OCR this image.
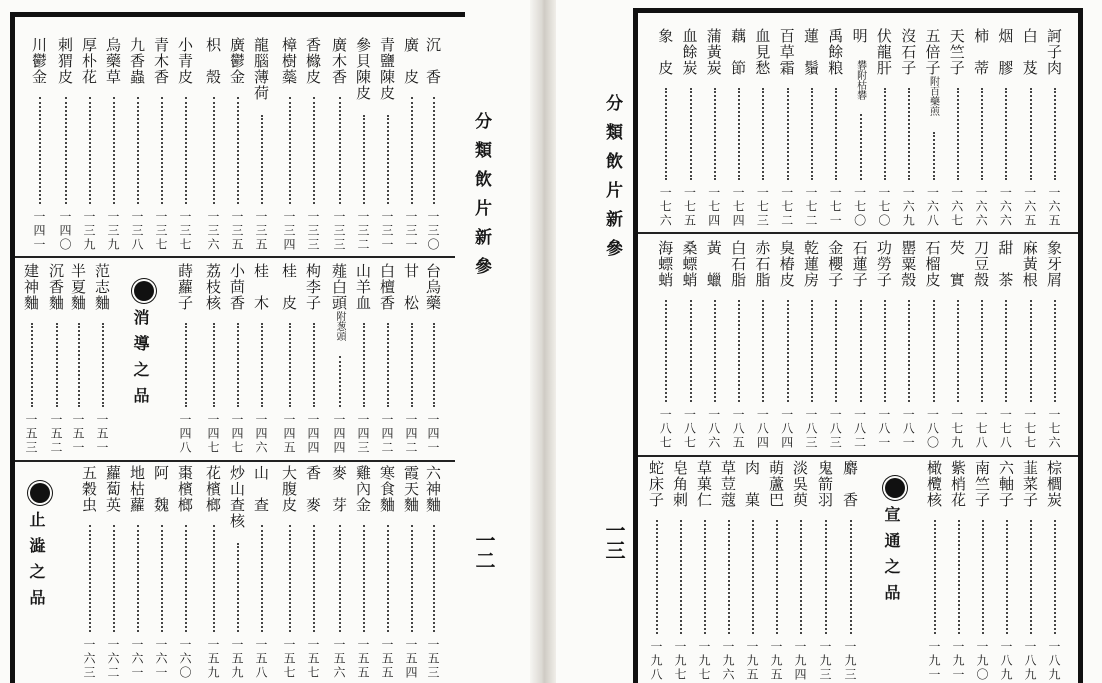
分類飲片新參	分類飲片新參
一二	一三
沉　香
一三〇
廣　皮
一三一
青鹽陳皮
一三一
參貝陳皮
一三二
廣木香
一三三
香櫞皮
一三三
樟樹蘂
一三四
龍腦薄荷
一三五
廣鬱金
一三五
枳　殼
一三六
小青皮
一三七
青木香
一三七
九香蟲
一三八
烏藥草
一三九
厚朴花
一三九
刺猬皮
一四〇
川鬱金
一四一
台烏藥
一四一
甘　松
一四二
白檀香
一四二
山羊血
一四三
薤白頭附葱頭
一四四
枸李子
一四四
桂　皮
一四五
桂　木
一四六
小茴香
一四七
荔枝核
一四七
蒔蘿子
一四八
消導之品
范志麯
一五一
半夏麯
一五一
沉香麯
一五二
建神麯
一五三
六神麯
一五三
霞天麯
一五四
寒食麯
一五五
雞內金
一五五
麥　芽
一五六
香　麥
一五七
大腹皮
一五七
山　查
一五八
炒山查核
一五九
花檳榔
一五九
棗檳榔
一六〇
阿　魏
一六一
地枯蘿
一六一
蘿蔔英
一六二
五穀虫
一六三
止澁之品
訶子肉
一六五
白　芨
一六五
烟　膠
一六六
柿　蒂
一六六
天竺子
一六七
五倍子附百藥煎
一六八
沒石子
一六九
伏龍肝
一七〇
明　礬附枯礬
一七〇
禹餘粮
一七一
蓮　鬚
一七二
百草霜
一七二
血見愁
一七三
藕　節
一七四
蒲黃炭
一七四
血餘炭
一七五
象　皮
一七六
象牙屑
一七六
麻黃根
一七七
甜　茶
一七八
刀豆殼
一七八
芡　實
一七九
石榴皮
一八〇
罌粟殼
一八一
功勞子
一八一
石蓮子
一八二
金櫻子
一八三
乾蓮房
一八三
臭椿皮
一八四
赤石脂
一八四
白石脂
一八五
黃　蠟
一八六
桑螵蛸
一八七
海螵蛸
一八七
棕櫚炭
一八九
韮菜子
一八九
六軸子
一八九
南竺子
一九〇
紫梢花
一九一
橄欖核
一九一
宣通之品
麝　香
一九三
鬼箭羽
一九三
淡吳萸
一九四
萌蘆巴
一九五
肉　菓
一九五
草荳蔻
一九六
草菓仁
一九七
皂角刺
一九七
蛇床子
一九八
